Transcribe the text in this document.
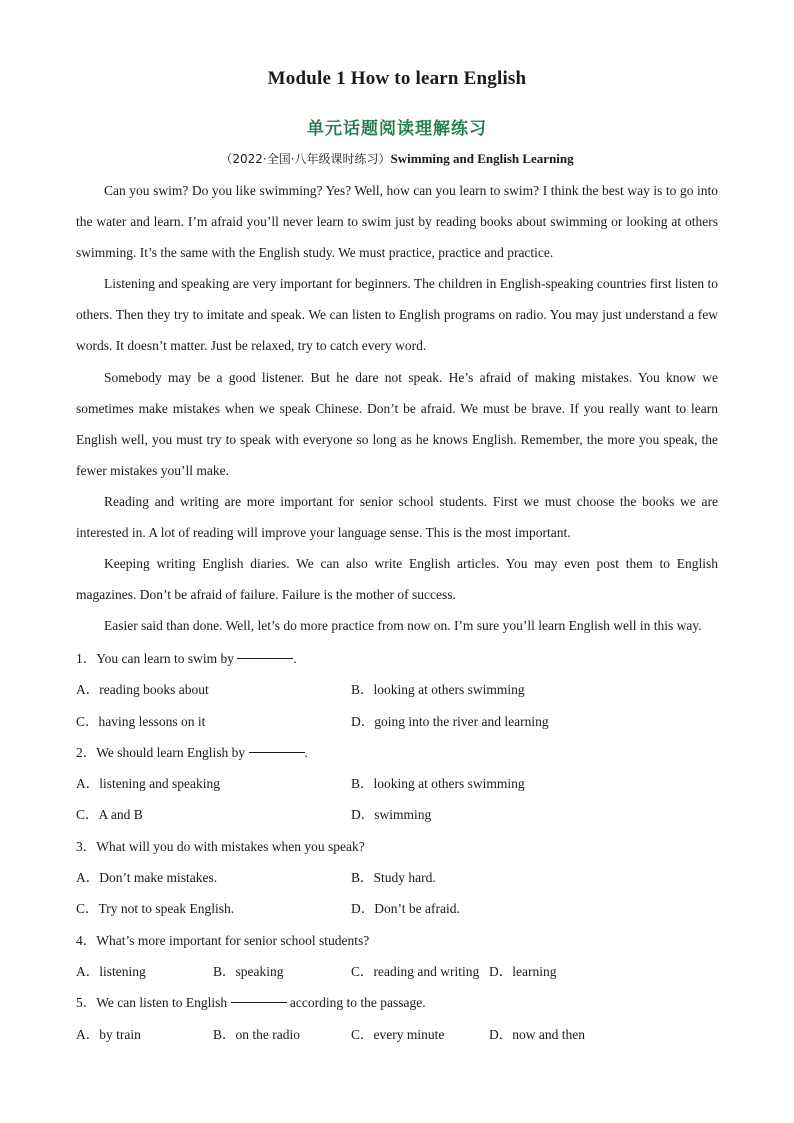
Module 1 How to learn English
单元话题阅读理解练习
（2022·全国·八年级课时练习）Swimming and English Learning

Can you swim? Do you like swimming? Yes? Well, how can you learn to swim? I think the best way is to go into the water and learn. I’m afraid you’ll never learn to swim just by reading books about swimming or looking at others swimming. It’s the same with the English study. We must practice, practice and practice.

Listening and speaking are very important for beginners. The children in English-speaking countries first listen to others. Then they try to imitate and speak. We can listen to English programs on radio. You may just understand a few words. It doesn’t matter. Just be relaxed, try to catch every word.

Somebody may be a good listener. But he dare not speak. He’s afraid of making mistakes. You know we sometimes make mistakes when we speak Chinese. Don’t be afraid. We must be brave. If you really want to learn English well, you must try to speak with everyone so long as he knows English. Remember, the more you speak, the fewer mistakes you’ll make.

Reading and writing are more important for senior school students. First we must choose the books we are interested in. A lot of reading will improve your language sense. This is the most important.

Keeping writing English diaries. We can also write English articles. You may even post them to English magazines. Don’t be afraid of failure. Failure is the mother of success.

Easier said than done. Well, let’s do more practice from now on. I’m sure you’ll learn English well in this way.

1．You can learn to swim by	.
A．reading books about	B．looking at others swimming
C．having lessons on it	D．going into the river and learning
2．We should learn English by	.
A．listening and speaking	B．looking at others swimming
C．A and B	D．swimming
3．What will you do with mistakes when you speak?
A．Don’t make mistakes.	B．Study hard.
C．Try not to speak English.	D．Don’t be afraid.
4．What’s more important for senior school students?
A．listening	B．speaking	C．reading and writing D．learning
5．We can listen to English	according to the passage.
A．by train	B．on the radio	C．every minute	D．now and then
